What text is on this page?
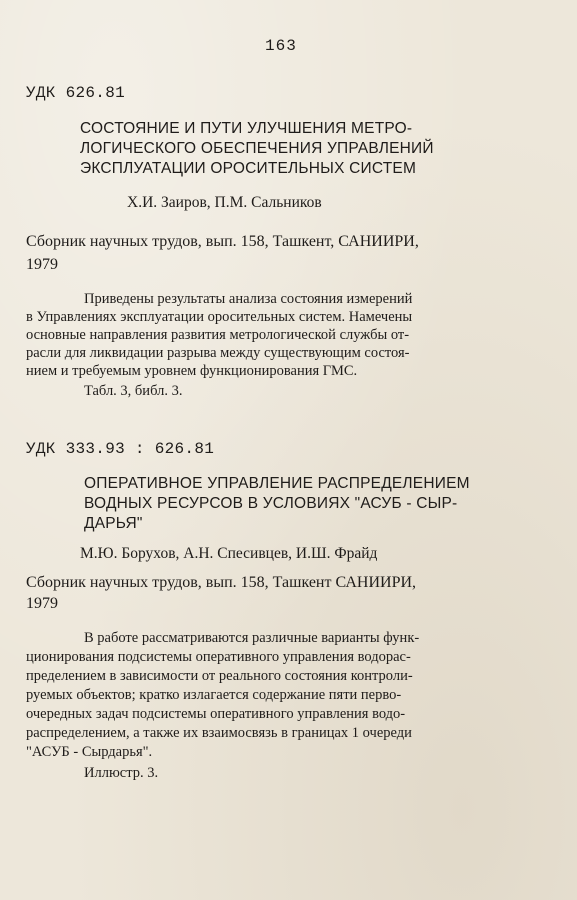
163
УДК 626.81
СОСТОЯНИЕ И ПУТИ УЛУЧШЕНИЯ МЕТРО-
ЛОГИЧЕСКОГО ОБЕСПЕЧЕНИЯ УПРАВЛЕНИЙ
ЭКСПЛУАТАЦИИ ОРОСИТЕЛЬНЫХ СИСТЕМ
Х.И. Заиров, П.М. Сальников
Сборник научных трудов, вып. 158, Ташкент, САНИИРИ,
1979
Приведены результаты анализа состояния измерений
в Управлениях эксплуатации оросительных систем. Намечены
основные направления развития метрологической службы от-
расли для ликвидации разрыва между существующим состоя-
нием и требуемым уровнем функционирования ГМС.
Табл. 3, библ. 3.
УДК 333.93 : 626.81
ОПЕРАТИВНОЕ УПРАВЛЕНИЕ РАСПРЕДЕЛЕНИЕМ
ВОДНЫХ РЕСУРСОВ В УСЛОВИЯХ "АСУБ - СЫР-
ДАРЬЯ"
М.Ю. Борухов, А.Н. Спесивцев, И.Ш. Фрайд
Сборник научных трудов, вып. 158, Ташкент САНИИРИ,
1979
В работе рассматриваются различные варианты функ-
ционирования подсистемы оперативного управления водорас-
пределением в зависимости от реального состояния контроли-
руемых объектов; кратко излагается содержание пяти перво-
очередных задач подсистемы оперативного управления водо-
распределением, а также их взаимосвязь в границах 1 очереди
"АСУБ - Сырдарья".
Иллюстр. 3.
